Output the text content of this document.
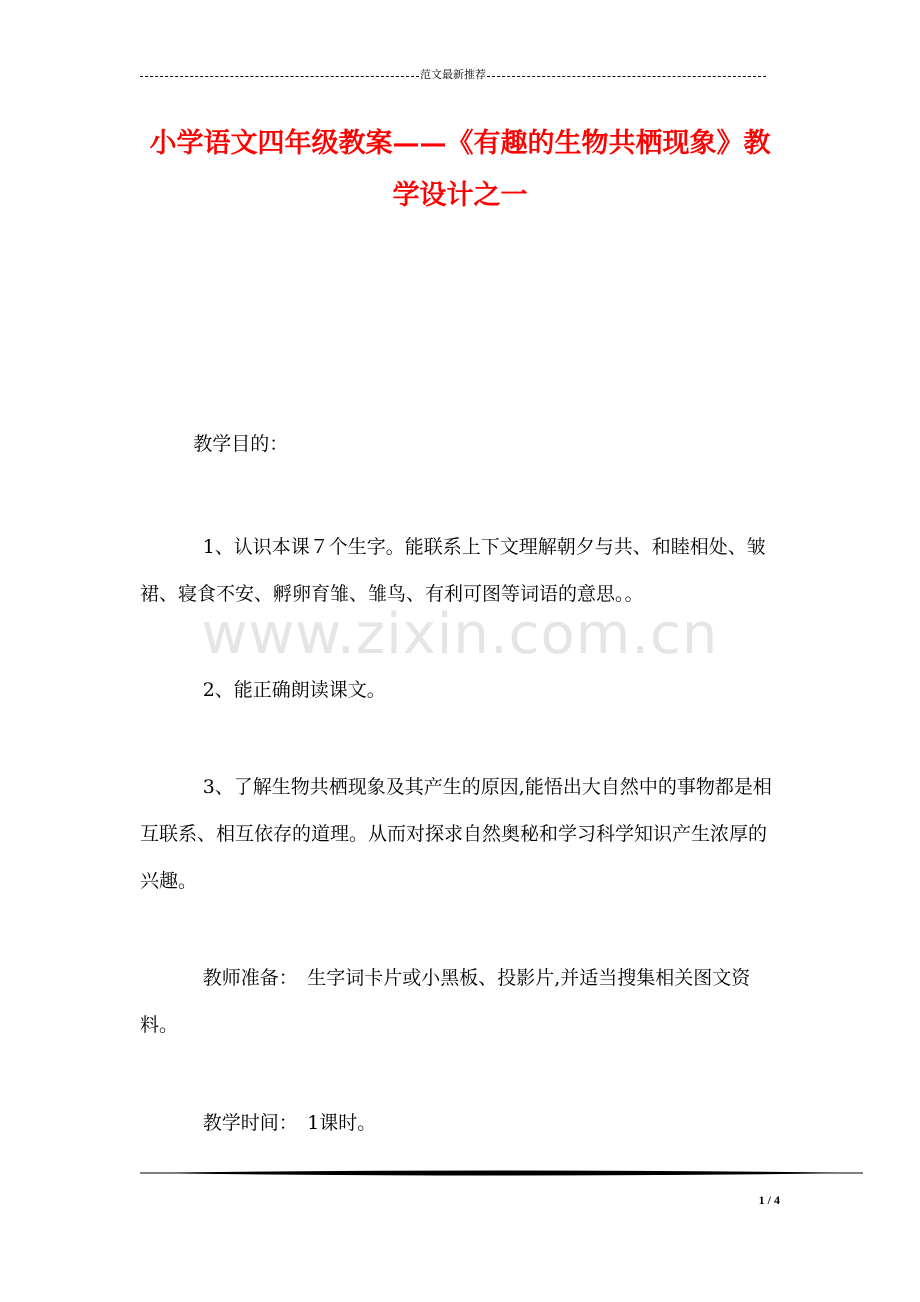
范文最新推荐
小学语文四年级教案——《有趣的生物共栖现象》教学设计之一
教学目的：

1、认识本课７个生字。能联系上下文理解朝夕与共、和睦相处、皱裙、寝食不安、孵卵育雏、雏鸟、有利可图等词语的意思。。

2、能正确朗读课文。

3、了解生物共栖现象及其产生的原因,能悟出大自然中的事物都是相互联系、相互依存的道理。从而对探求自然奥秘和学习科学知识产生浓厚的兴趣。

教师准备：　生字词卡片或小黑板、投影片,并适当搜集相关图文资料。

教学时间：　1课时。

www.zixin.com.cn
1 / 4
